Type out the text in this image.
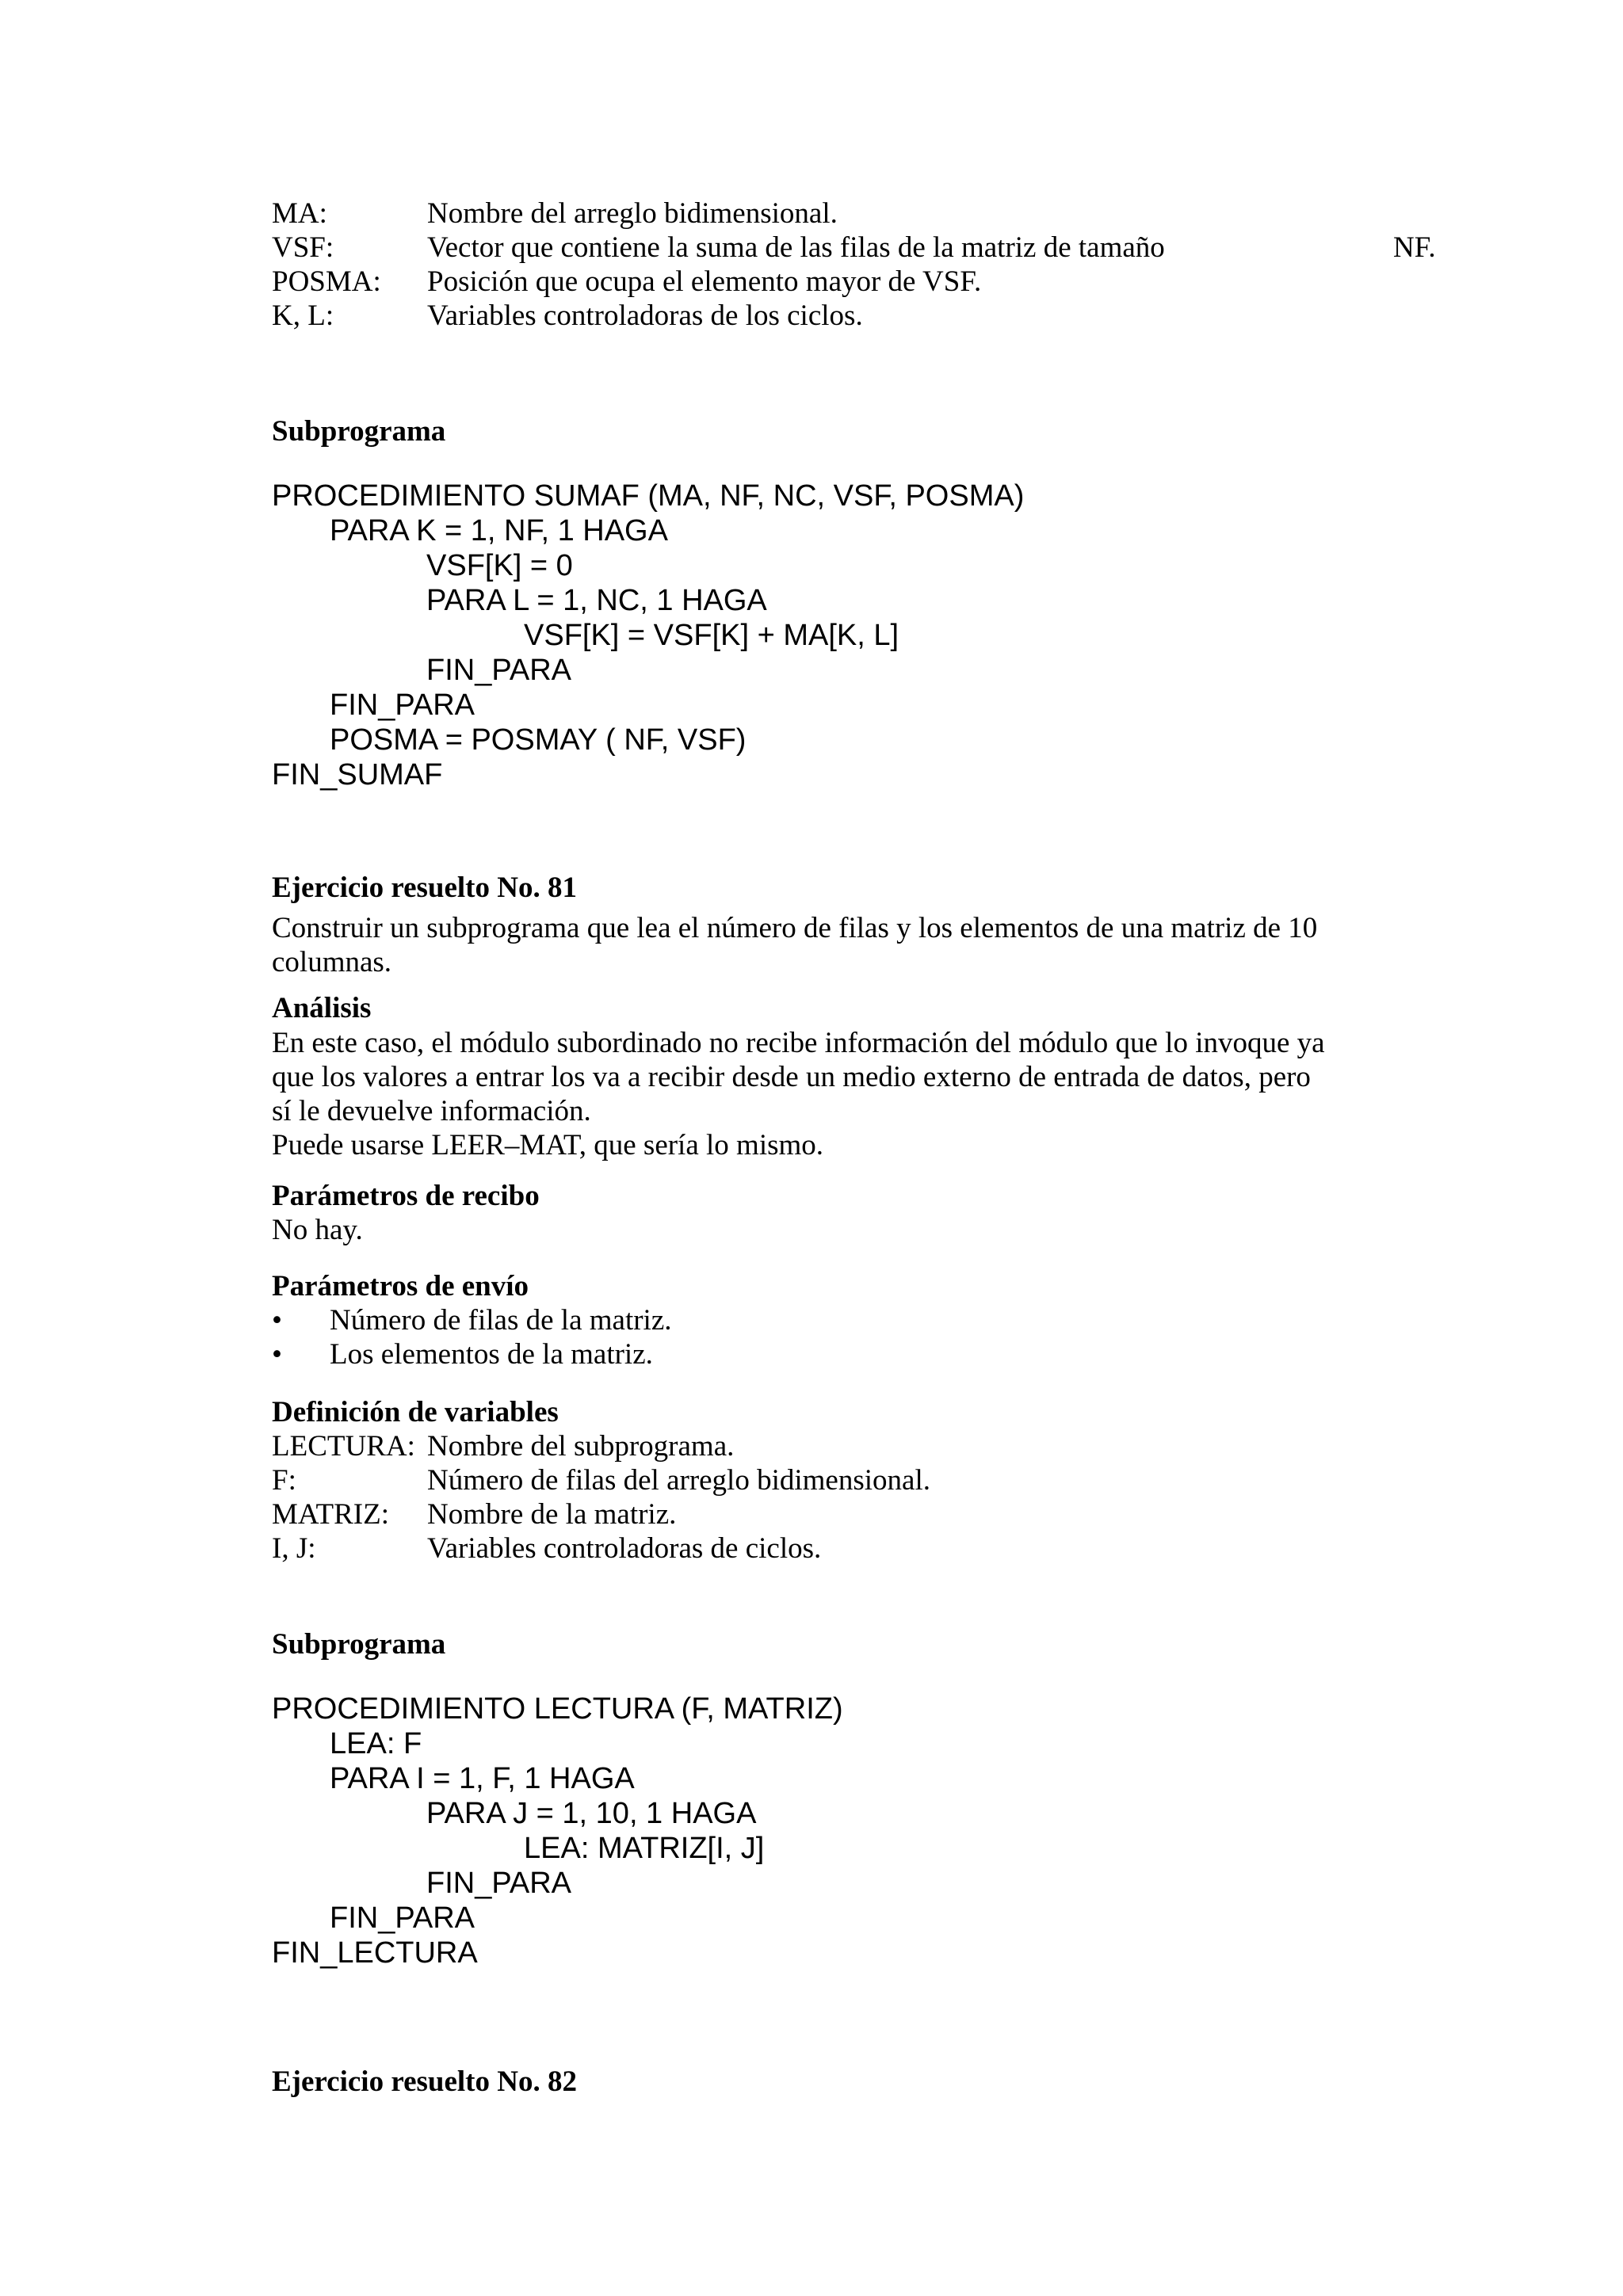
MA:	Nombre del arreglo bidimensional.
VSF:	Vector que contiene la suma de las filas de la matriz de tamaño	NF.
POSMA: Posición que ocupa el elemento mayor de VSF.
K, L:	Variables controladoras de los ciclos.
Subprograma
PROCEDIMIENTO SUMAF (MA, NF, NC, VSF, POSMA)
PARA K = 1, NF, 1 HAGA
VSF[K] = 0
PARA L = 1, NC, 1 HAGA
VSF[K] = VSF[K] + MA[K, L]
FIN_PARA
FIN_PARA
POSMA = POSMAY ( NF, VSF)
FIN_SUMAF
Ejercicio resuelto No. 81
Construir un subprograma que lea el número de filas y los elementos de una matriz de 10
columnas.
Análisis
En este caso, el módulo subordinado no recibe información del módulo que lo invoque ya
que los valores a entrar los va a recibir desde un medio externo de entrada de datos, pero
sí le devuelve información.
Puede usarse LEER–MAT, que sería lo mismo.
Parámetros de recibo
No hay.
Parámetros de envío
• Número de filas de la matriz.
• Los elementos de la matriz.
Definición de variables
LECTURA: Nombre del subprograma.
F:	Número de filas del arreglo bidimensional.
MATRIZ: Nombre de la matriz.
I, J:	Variables controladoras de ciclos.
Subprograma
PROCEDIMIENTO LECTURA (F, MATRIZ)
LEA: F
PARA I = 1, F, 1 HAGA
PARA J = 1, 10, 1 HAGA
LEA: MATRIZ[I, J]
FIN_PARA
FIN_PARA
FIN_LECTURA
Ejercicio resuelto No. 82
